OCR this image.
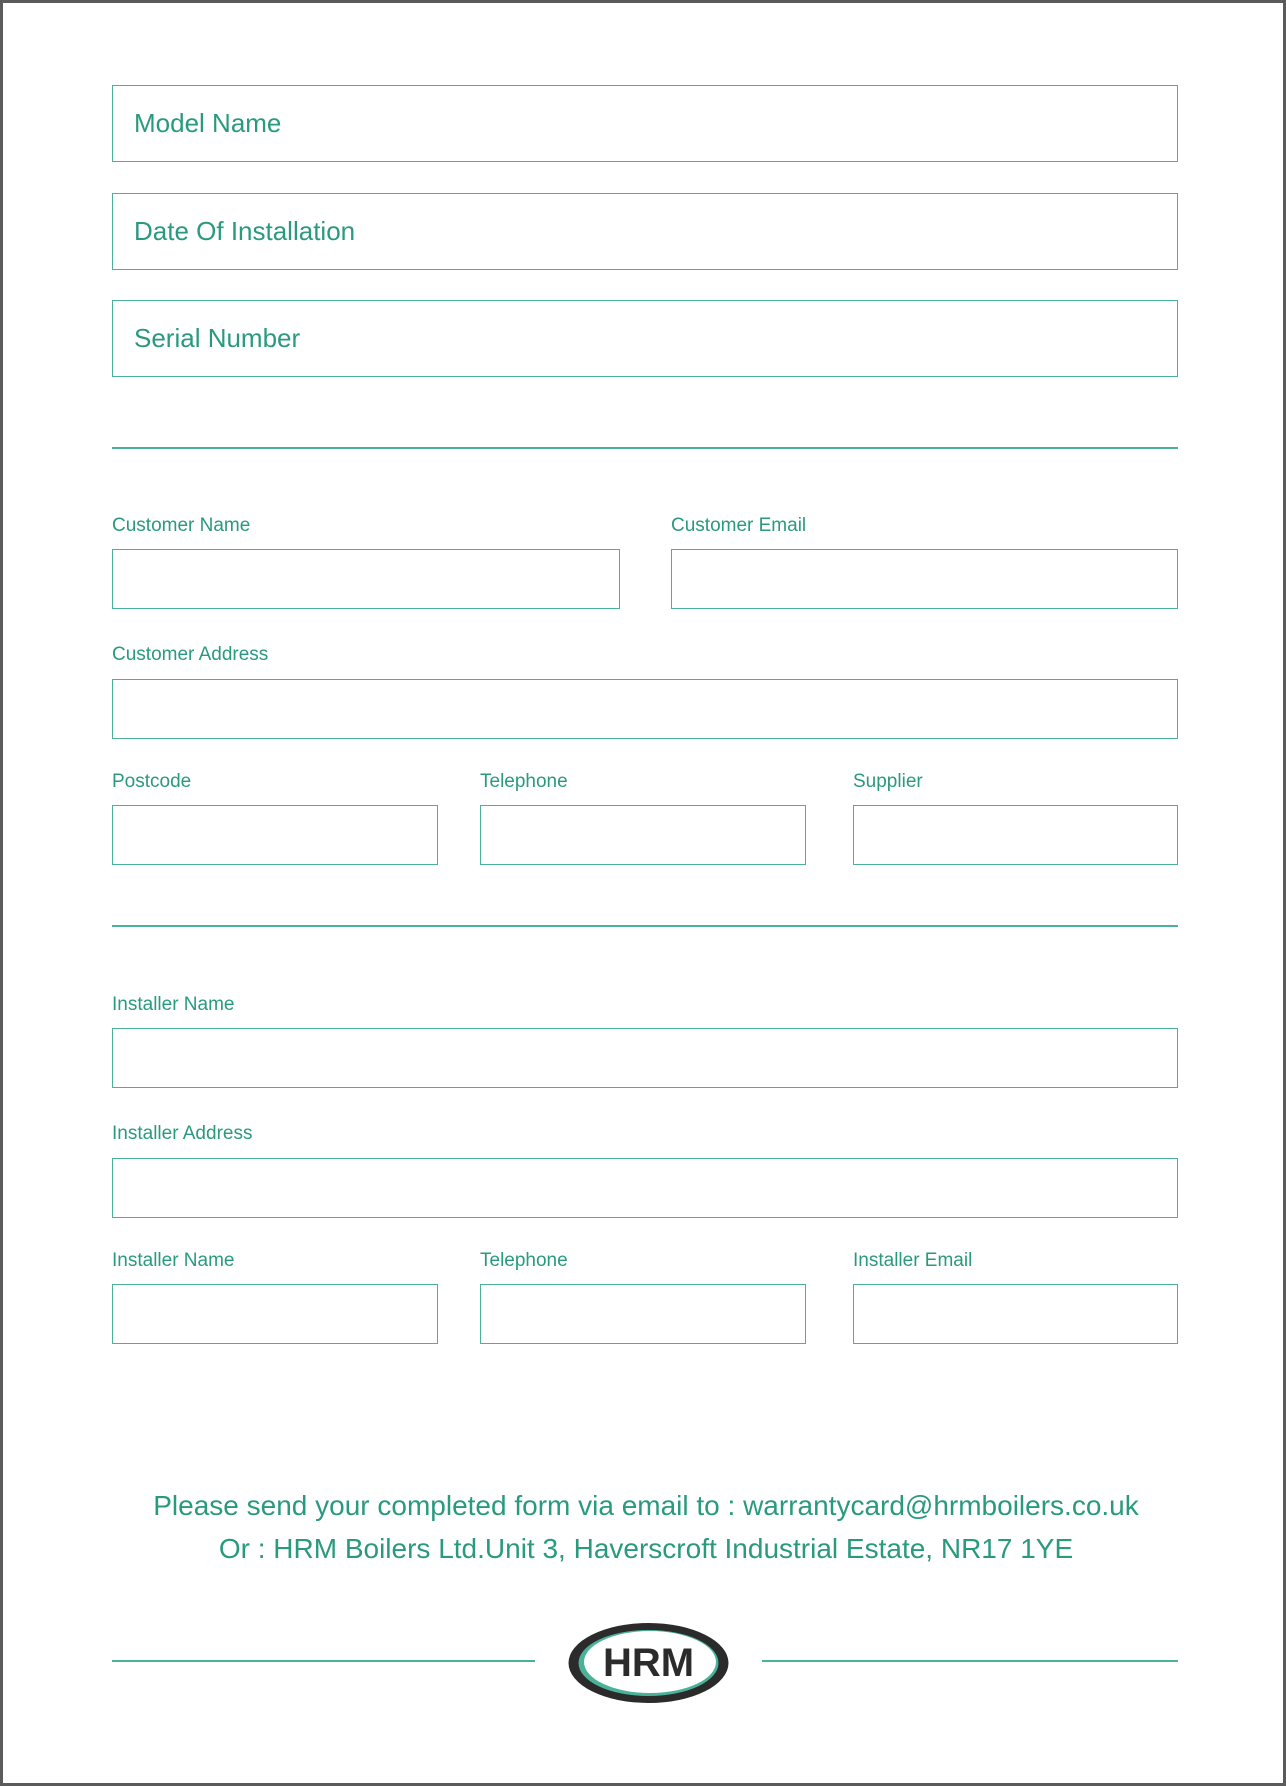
Model Name
Date Of Installation
Serial Number
Customer Name	Customer Email
Customer Address
Postcode	Telephone	Supplier
Installer Name
Installer Address
Installer Name	Telephone	Installer Email
Please send your completed form via email to : warrantycard@hrmboilers.co.uk
Or : HRM Boilers Ltd.Unit 3, Haverscroft Industrial Estate, NR17 1YE
HRM
